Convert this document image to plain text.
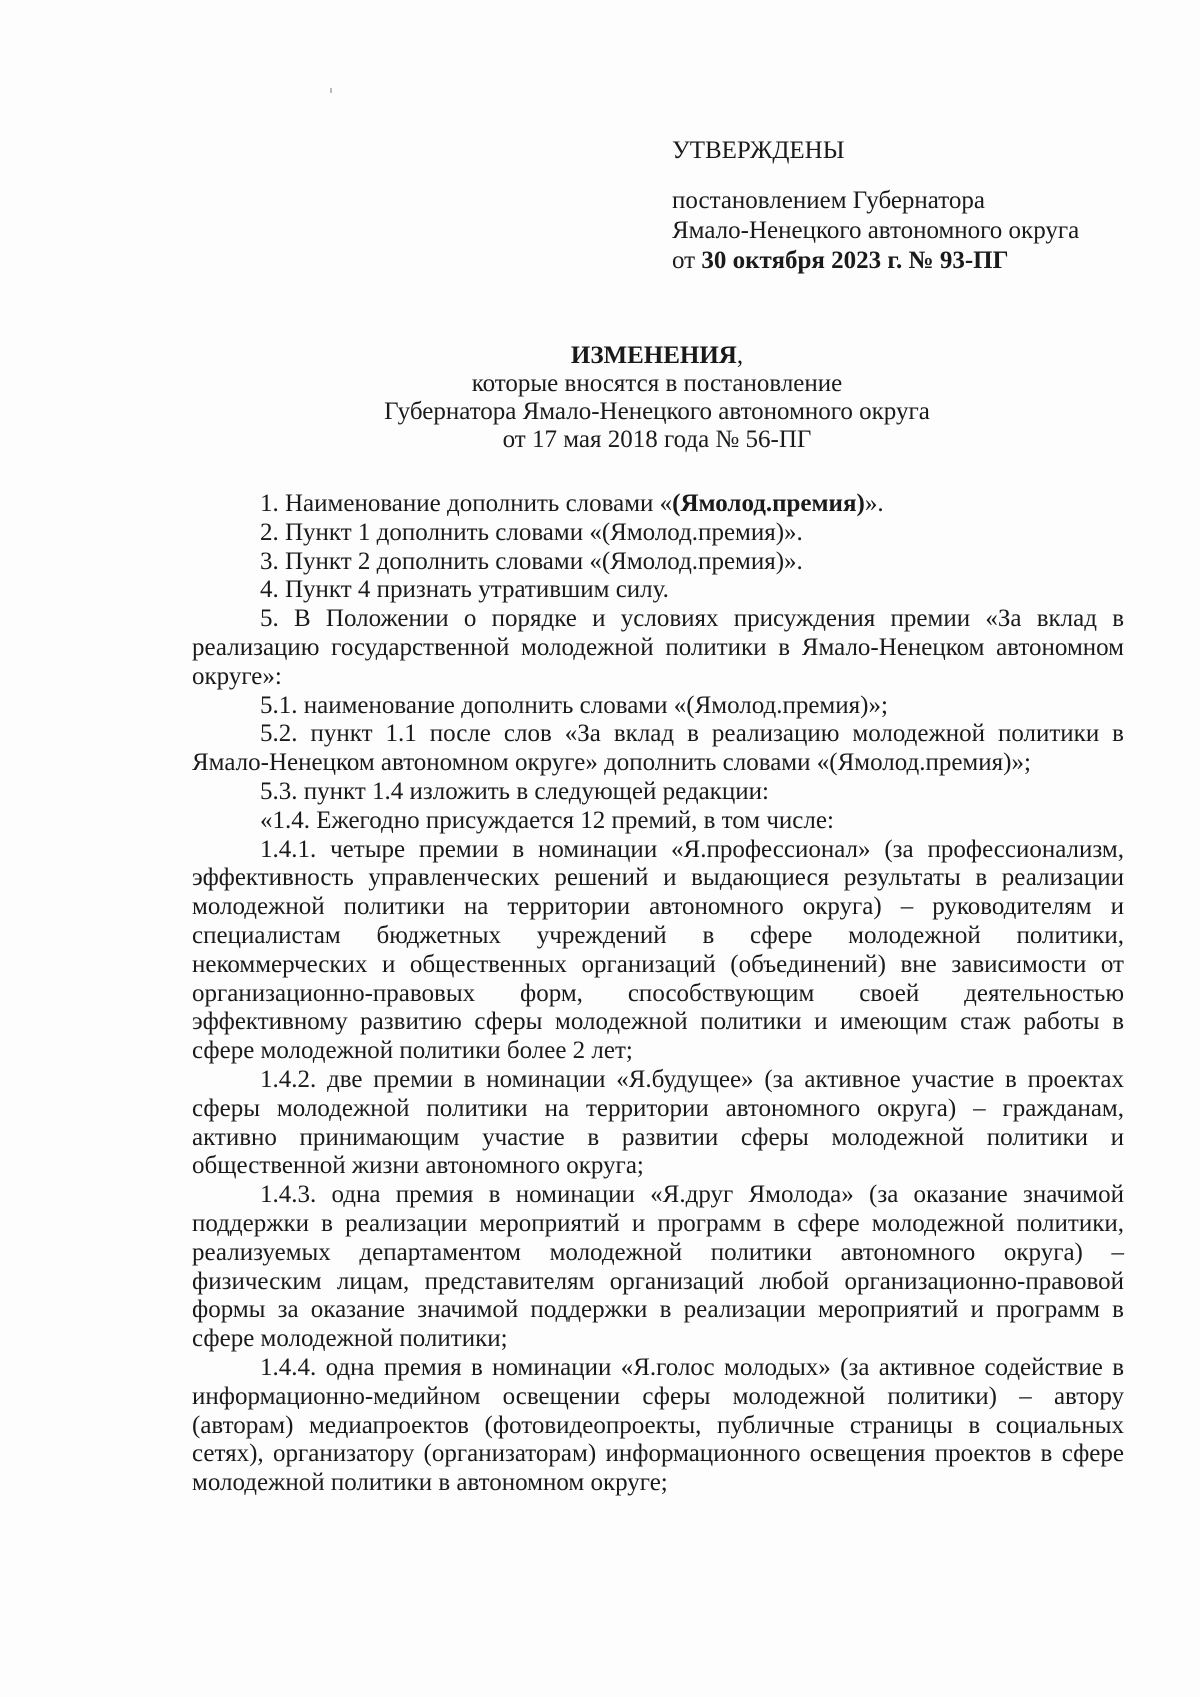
УТВЕРЖДЕНЫ

постановлением Губернатора

Ямало-Ненецкого автономного округа

от 30 октября 2023 г. № 93-ПГ

ИЗМЕНЕНИЯ,
которые вносятся в постановление
Губернатора Ямало-Ненецкого автономного округа
от 17 мая 2018 года № 56-ПГ

1. Наименование дополнить словами «(Ямолод.премия)».

2. Пункт 1 дополнить словами «(Ямолод.премия)».

3. Пункт 2 дополнить словами «(Ямолод.премия)».

4. Пункт 4 признать утратившим силу.

5. В Положении о порядке и условиях присуждения премии «За вклад в реализацию государственной молодежной политики в Ямало-Ненецком автономном округе»:

5.1. наименование дополнить словами «(Ямолод.премия)»;

5.2. пункт 1.1 после слов «За вклад в реализацию молодежной политики в Ямало-Ненецком автономном округе» дополнить словами «(Ямолод.премия)»;

5.3. пункт 1.4 изложить в следующей редакции:

«1.4. Ежегодно присуждается 12 премий, в том числе:

1.4.1. четыре премии в номинации «Я.профессионал» (за профессионализм, эффективность управленческих решений и выдающиеся результаты в реализации молодежной политики на территории автономного округа) – руководителям и специалистам бюджетных учреждений в сфере молодежной политики, некоммерческих и общественных организаций (объединений) вне зависимости от организационно-правовых форм, способствующим своей деятельностью эффективному развитию сферы молодежной политики и имеющим стаж работы в сфере молодежной политики более 2 лет;

1.4.2. две премии в номинации «Я.будущее» (за активное участие в проектах сферы молодежной политики на территории автономного округа) – гражданам, активно принимающим участие в развитии сферы молодежной политики и общественной жизни автономного округа;

1.4.3. одна премия в номинации «Я.друг Ямолода» (за оказание значимой поддержки в реализации мероприятий и программ в сфере молодежной политики, реализуемых департаментом молодежной политики автономного округа) – физическим лицам, представителям организаций любой организационно-правовой формы за оказание значимой поддержки в реализации мероприятий и программ в сфере молодежной политики;

1.4.4. одна премия в номинации «Я.голос молодых» (за активное содействие в информационно-медийном освещении сферы молодежной политики) – автору (авторам) медиапроектов (фотовидеопроекты, публичные страницы в социальных сетях), организатору (организаторам) информационного освещения проектов в сфере молодежной политики в автономном округе;
